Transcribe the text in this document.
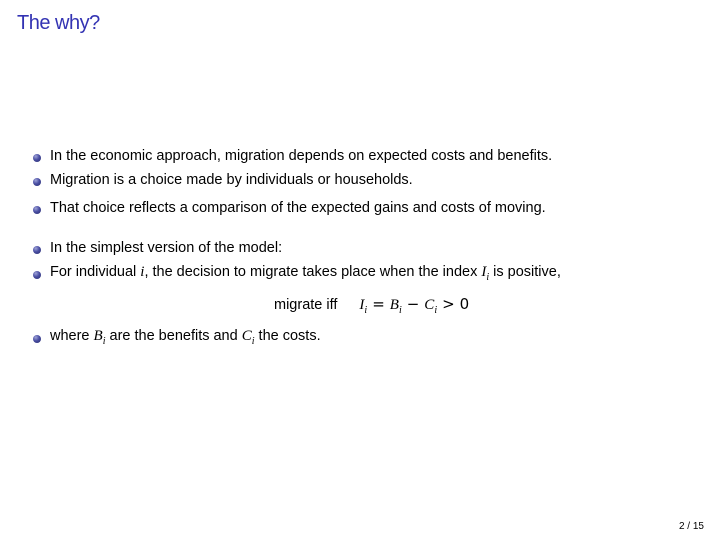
The why?
In the economic approach, migration depends on expected costs and benefits.
Migration is a choice made by individuals or households.
That choice reflects a comparison of the expected gains and costs of moving.
In the simplest version of the model:
For individual i, the decision to migrate takes place when the index $I_i$ is positive,
where $B_i$ are the benefits and $C_i$ the costs.
migrate iff $I_i = B_i - C_i > 0$
2 / 15
